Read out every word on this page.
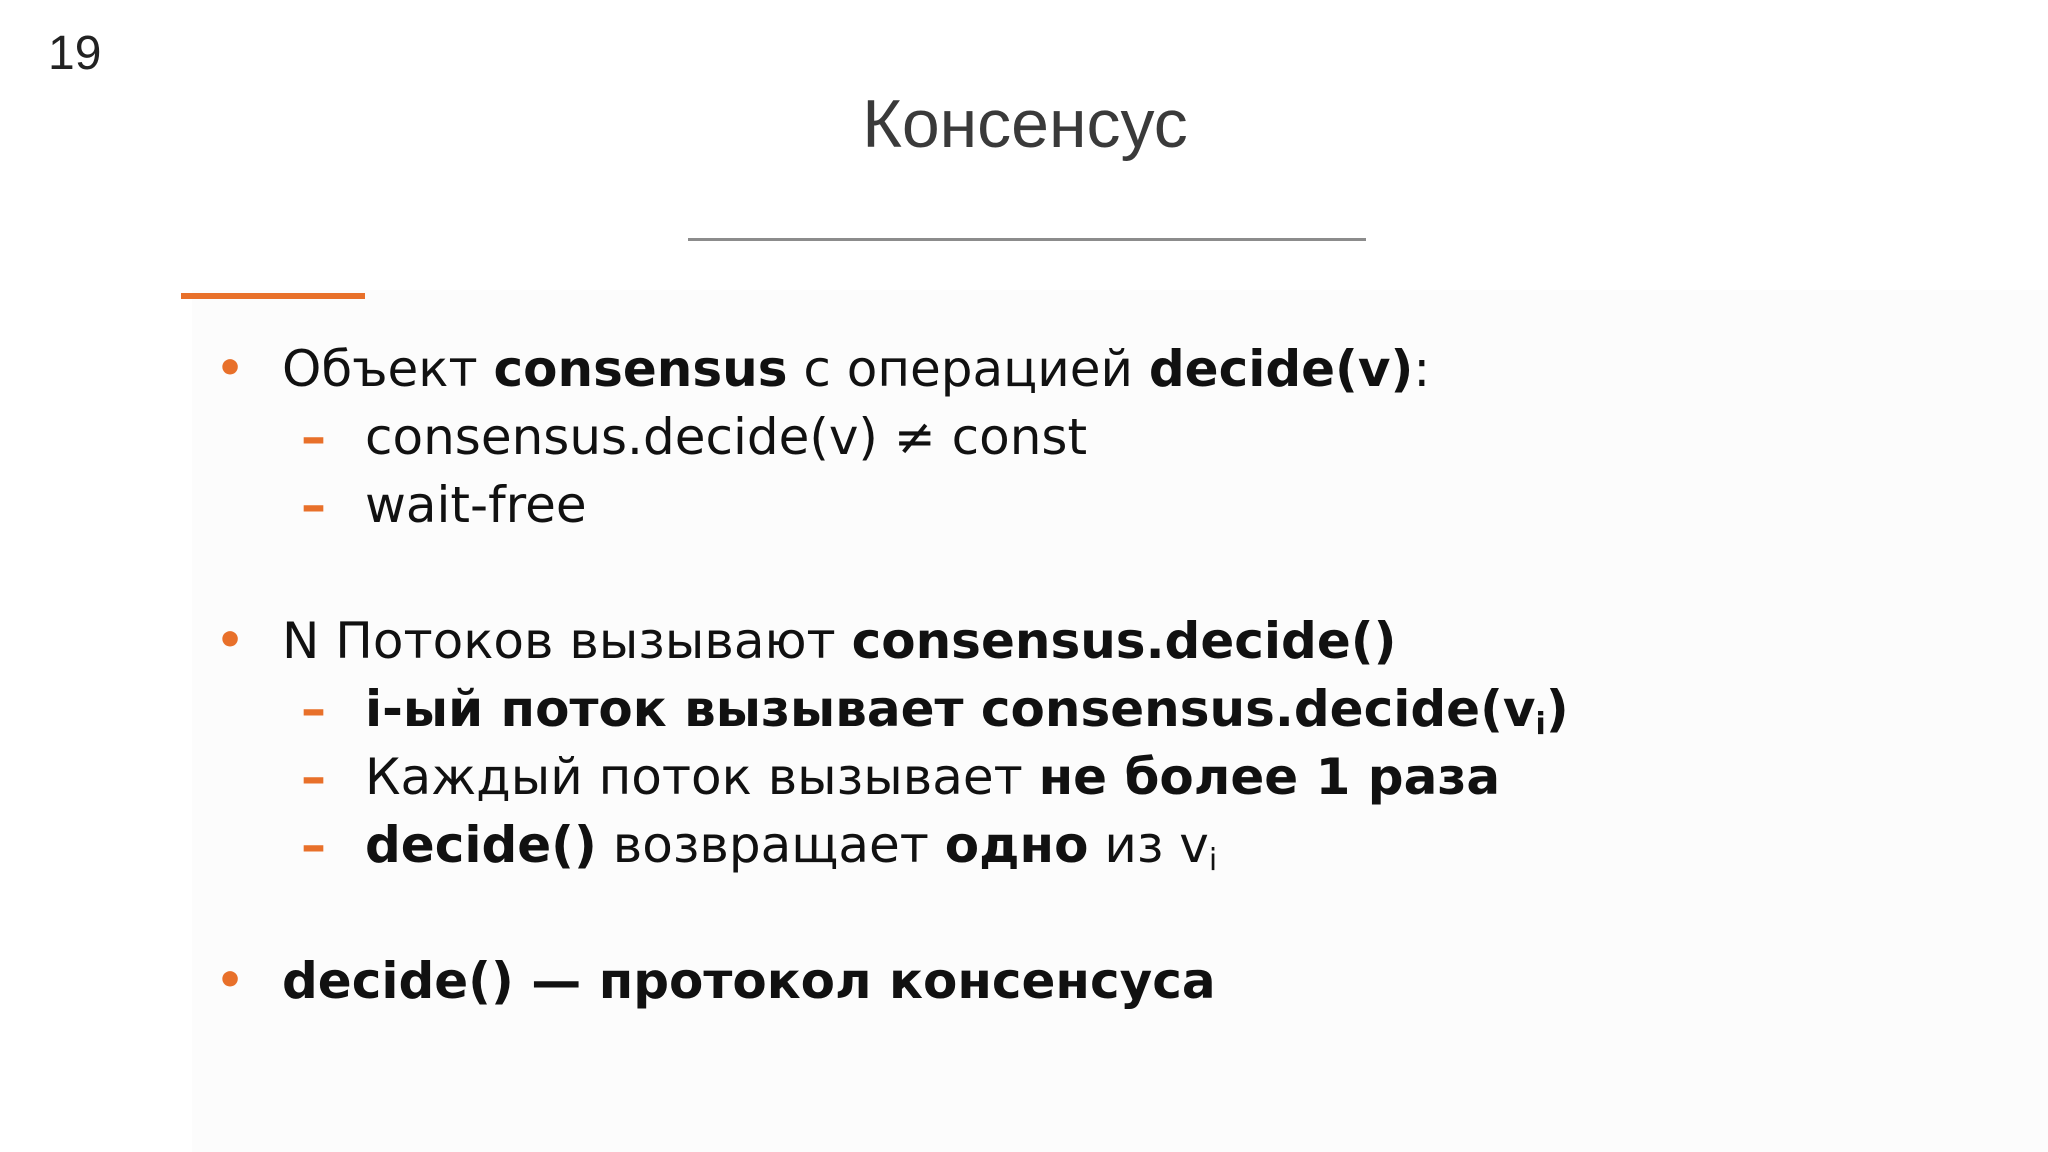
19
Консенсус
• Объект consensus с операцией decide(v):
– consensus.decide(v) ≠ const
– wait-free
• N Потоков вызывают consensus.decide()
– i-ый поток вызывает $consensus.decide(v_i)$
– Каждый поток вызывает не более 1 раза
– decide() возвращает одно из $v_i$
• decide() — протокол консенсуса
